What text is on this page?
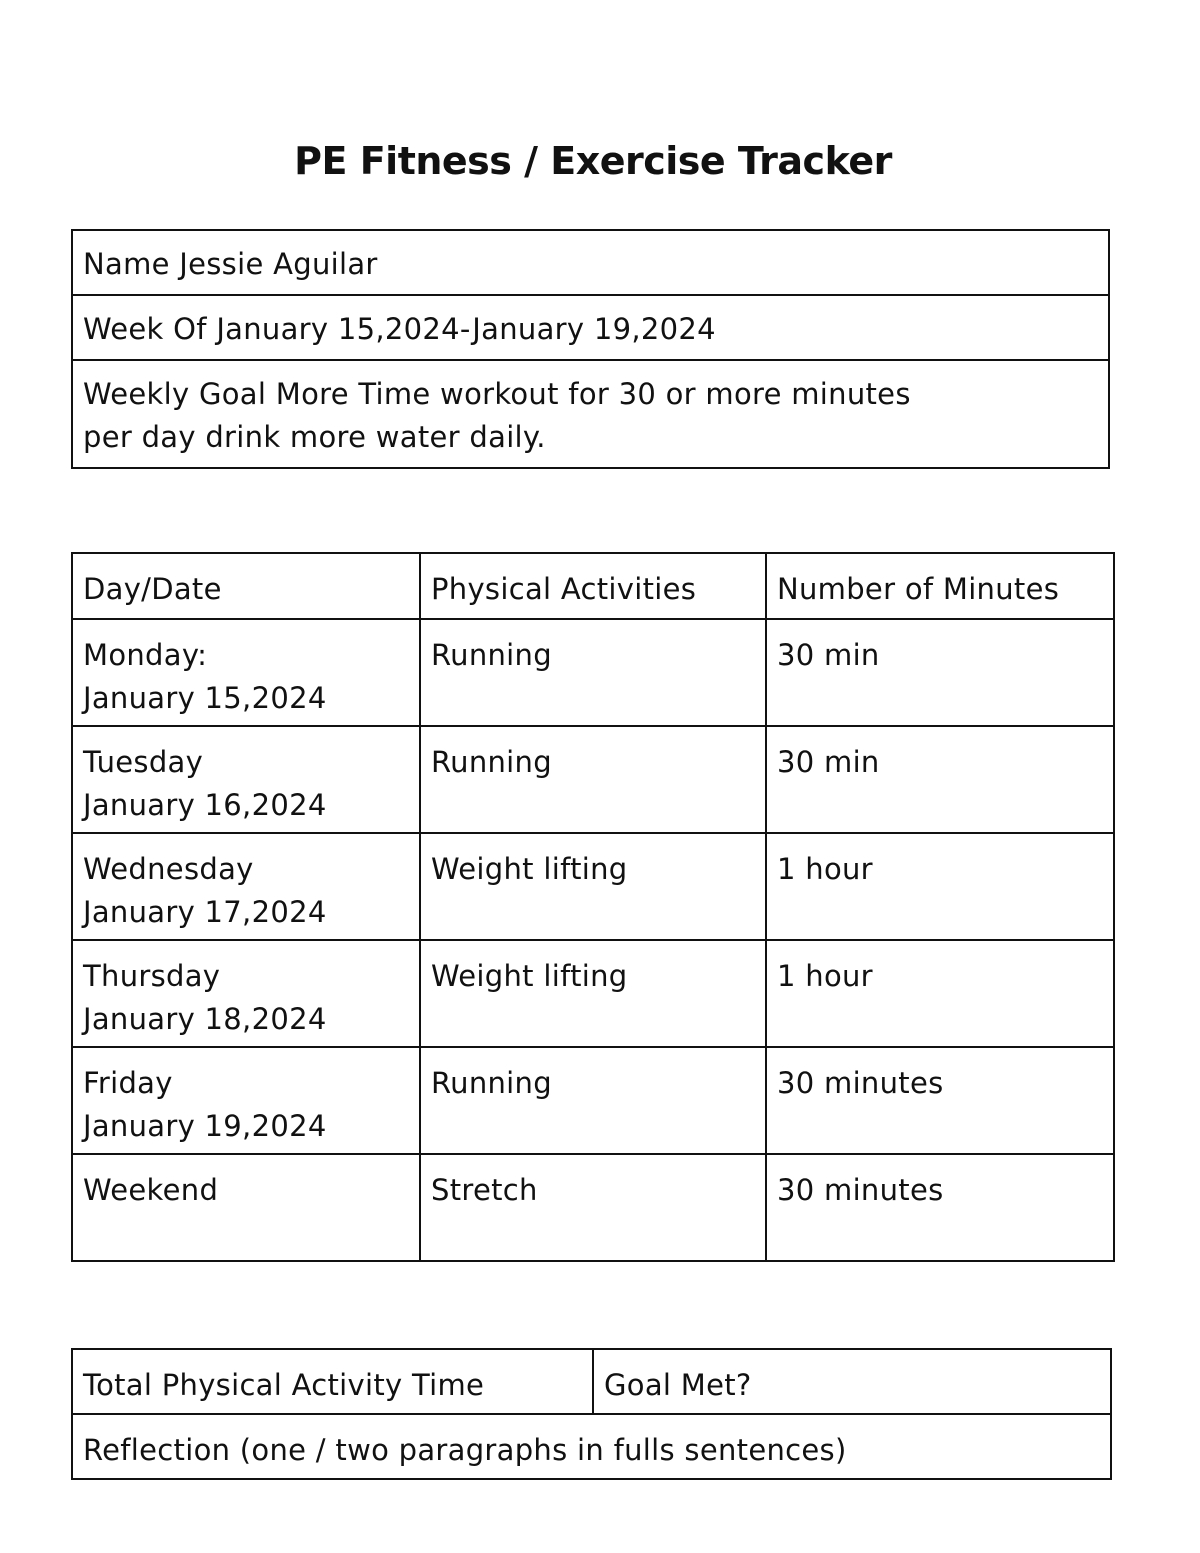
PE Fitness / Exercise Tracker
Name Jessie Aguilar
Week Of January 15,2024-January 19,2024

Weekly Goal More Time workout for 30 or more minutes
per day drink more water daily.
Day/Date	Physical Activities	Number of Minutes

Monday:
January 15,2024	Running	30 min

Tuesday
January 16,2024	Running	30 min

Wednesday
January 17,2024	Weight lifting	1 hour

Thursday
January 18,2024	Weight lifting	1 hour

Friday
January 19,2024	Running	30 minutes

Weekend	Stretch	30 minutes
Total Physical Activity Time	Goal Met?
Reflection (one / two paragraphs in fulls sentences)
